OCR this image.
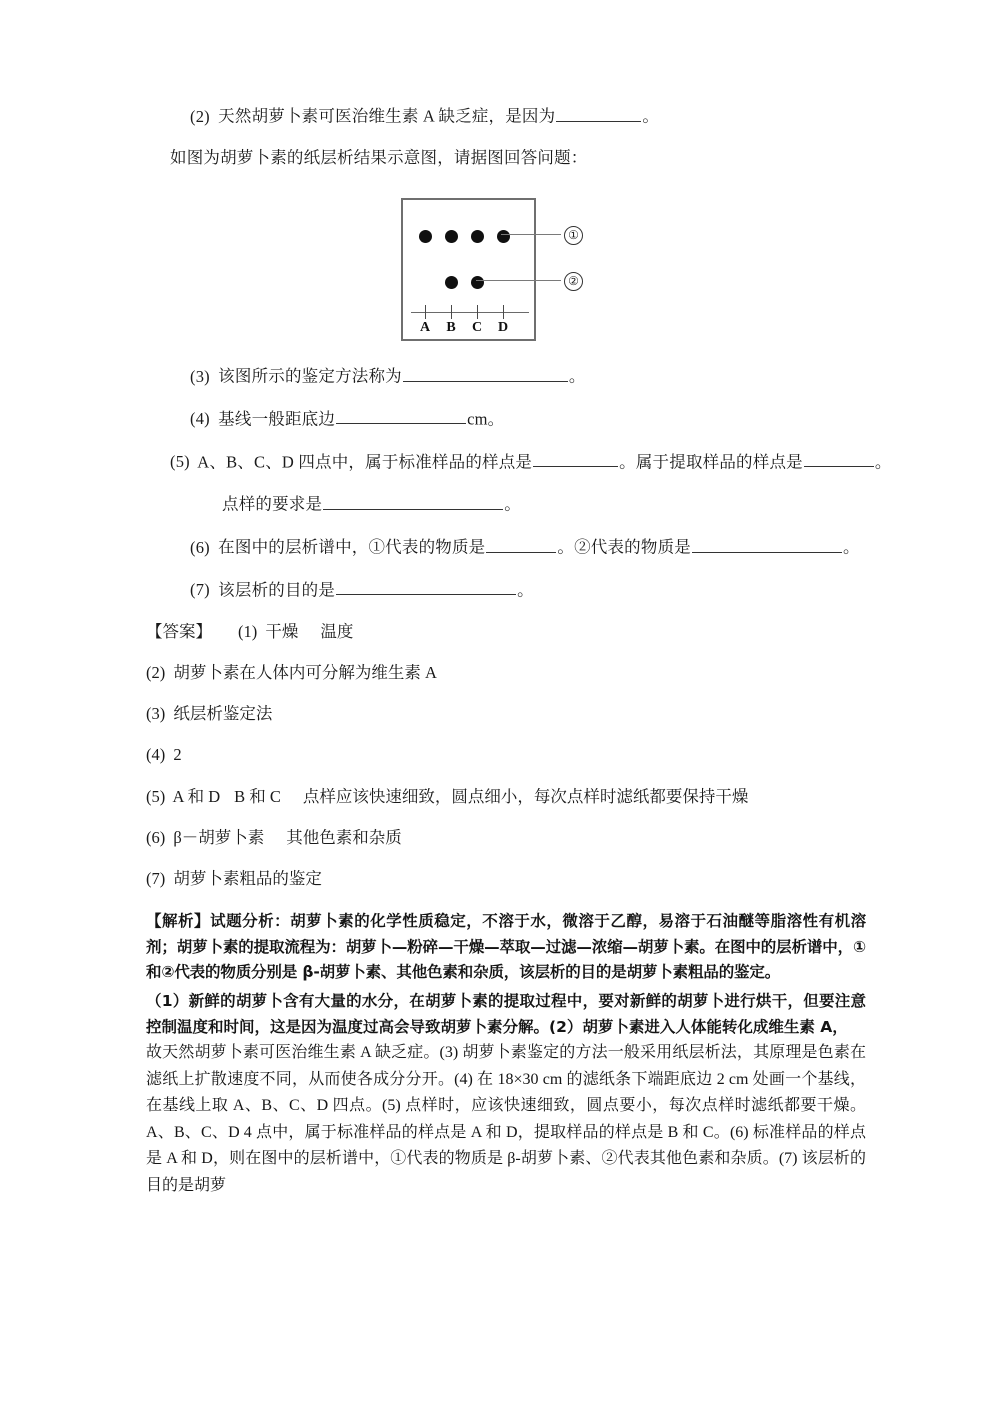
(2) 天然胡萝卜素可医治维生素 A 缺乏症，是因为	。
如图为胡萝卜素的纸层析结果示意图，请据图回答问题：
A B C D
①
②
(3) 该图所示的鉴定方法称为	。
(4) 基线一般距底边	cm。
(5) A、B、C、D 四点中，属于标准样品的样点是	。属于提取样品的样点是	。
点样的要求是	。
(6) 在图中的层析谱中，①代表的物质是	。②代表的物质是	。
(7) 该层析的目的是	。
【答案】 (1) 干燥 温度
(2) 胡萝卜素在人体内可分解为维生素 A
(3) 纸层析鉴定法
(4) 2
(5) A 和 D B 和 C 点样应该快速细致，圆点细小，每次点样时滤纸都要保持干燥
(6) β－胡萝卜素 其他色素和杂质
(7) 胡萝卜素粗品的鉴定

【解析】试题分析：胡萝卜素的化学性质稳定，不溶于水，微溶于乙醇，易溶于石油醚等脂溶性有机溶剂；胡萝卜素的提取流程为：胡萝卜—粉碎—干燥—萃取—过滤—浓缩—胡萝卜素。在图中的层析谱中，①和②代表的物质分别是 β-胡萝卜素、其他色素和杂质，该层析的目的是胡萝卜素粗品的鉴定。

（1）新鲜的胡萝卜含有大量的水分，在胡萝卜素的提取过程中，要对新鲜的胡萝卜进行烘干，但要注意控制温度和时间，这是因为温度过高会导致胡萝卜素分解。(2）胡萝卜素进入人体能转化成维生素 A，

故天然胡萝卜素可医治维生素 A 缺乏症。(3) 胡萝卜素鉴定的方法一般采用纸层析法，其原理是色素在滤纸上扩散速度不同，从而使各成分分开。(4) 在 18×30 cm 的滤纸条下端距底边 2 cm 处画一个基线，在基线上取 A、B、C、D 四点。(5) 点样时，应该快速细致，圆点要小，每次点样时滤纸都要干燥。A、B、C、D 4 点中，属于标准样品的样点是 A 和 D，提取样品的样点是 B 和 C。(6) 标准样品的样点是 A 和 D，则在图中的层析谱中，①代表的物质是 β-胡萝卜素、②代表其他色素和杂质。(7) 该层析的目的是胡萝
